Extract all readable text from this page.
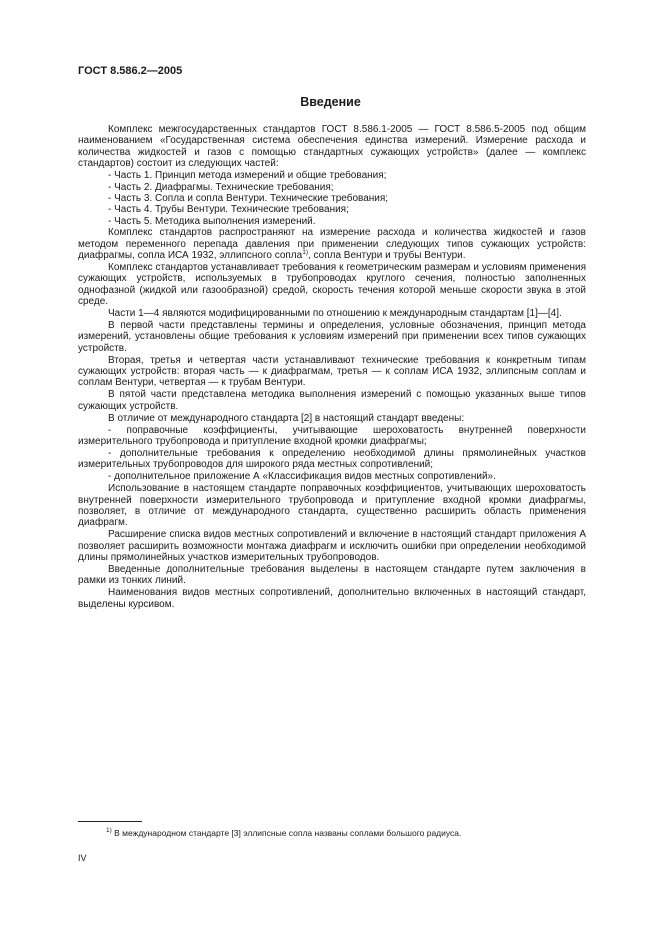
ГОСТ 8.586.2—2005
Введение

Комплекс межгосударственных стандартов ГОСТ 8.586.1-2005 — ГОСТ 8.586.5-2005 под общим наименованием «Государственная система обеспечения единства измерений. Измерение расхода и количества жидкостей и газов с помощью стандартных сужающих устройств» (далее — комплекс стандартов) состоит из следующих частей:

- Часть 1. Принцип метода измерений и общие требования;

- Часть 2. Диафрагмы. Технические требования;

- Часть 3. Сопла и сопла Вентури. Технические требования;

- Часть 4. Трубы Вентури. Технические требования;

- Часть 5. Методика выполнения измерений.

Комплекс стандартов распространяют на измерение расхода и количества жидкостей и газов методом переменного перепада давления при применении следующих типов сужающих устройств: диафрагмы, сопла ИСА 1932, эллипсного сопла$^{1)}$, сопла Вентури и трубы Вентури.

Комплекс стандартов устанавливает требования к геометрическим размерам и условиям применения сужающих устройств, используемых в трубопроводах круглого сечения, полностью заполненных однофазной (жидкой или газообразной) средой, скорость течения которой меньше скорости звука в этой среде.

Части 1—4 являются модифицированными по отношению к международным стандартам [1]—[4].

В первой части представлены термины и определения, условные обозначения, принцип метода измерений, установлены общие требования к условиям измерений при применении всех типов сужающих устройств.

Вторая, третья и четвертая части устанавливают технические требования к конкретным типам сужающих устройств: вторая часть — к диафрагмам, третья — к соплам ИСА 1932, эллипсным соплам и соплам Вентури, четвертая — к трубам Вентури.

В пятой части представлена методика выполнения измерений с помощью указанных выше типов сужающих устройств.

В отличие от международного стандарта [2] в настоящий стандарт введены:

- поправочные коэффициенты, учитывающие шероховатость внутренней поверхности измерительного трубопровода и притупление входной кромки диафрагмы;

- дополнительные требования к определению необходимой длины прямолинейных участков измерительных трубопроводов для широкого ряда местных сопротивлений;

- дополнительное приложение А «Классификация видов местных сопротивлений».

Использование в настоящем стандарте поправочных коэффициентов, учитывающих шероховатость внутренней поверхности измерительного трубопровода и притупление входной кромки диафрагмы, позволяет, в отличие от международного стандарта, существенно расширить область применения диафрагм.

Расширение списка видов местных сопротивлений и включение в настоящий стандарт приложения А позволяет расширить возможности монтажа диафрагм и исключить ошибки при определении необходимой длины прямолинейных участков измерительных трубопроводов.

Введенные дополнительные требования выделены в настоящем стандарте путем заключения в рамки из тонких линий.

Наименования видов местных сопротивлений, дополнительно включенных в настоящий стандарт, выделены курсивом.

$^{1)}$ В международном стандарте [3] эллипсные сопла названы соплами большого радиуса.
IV
